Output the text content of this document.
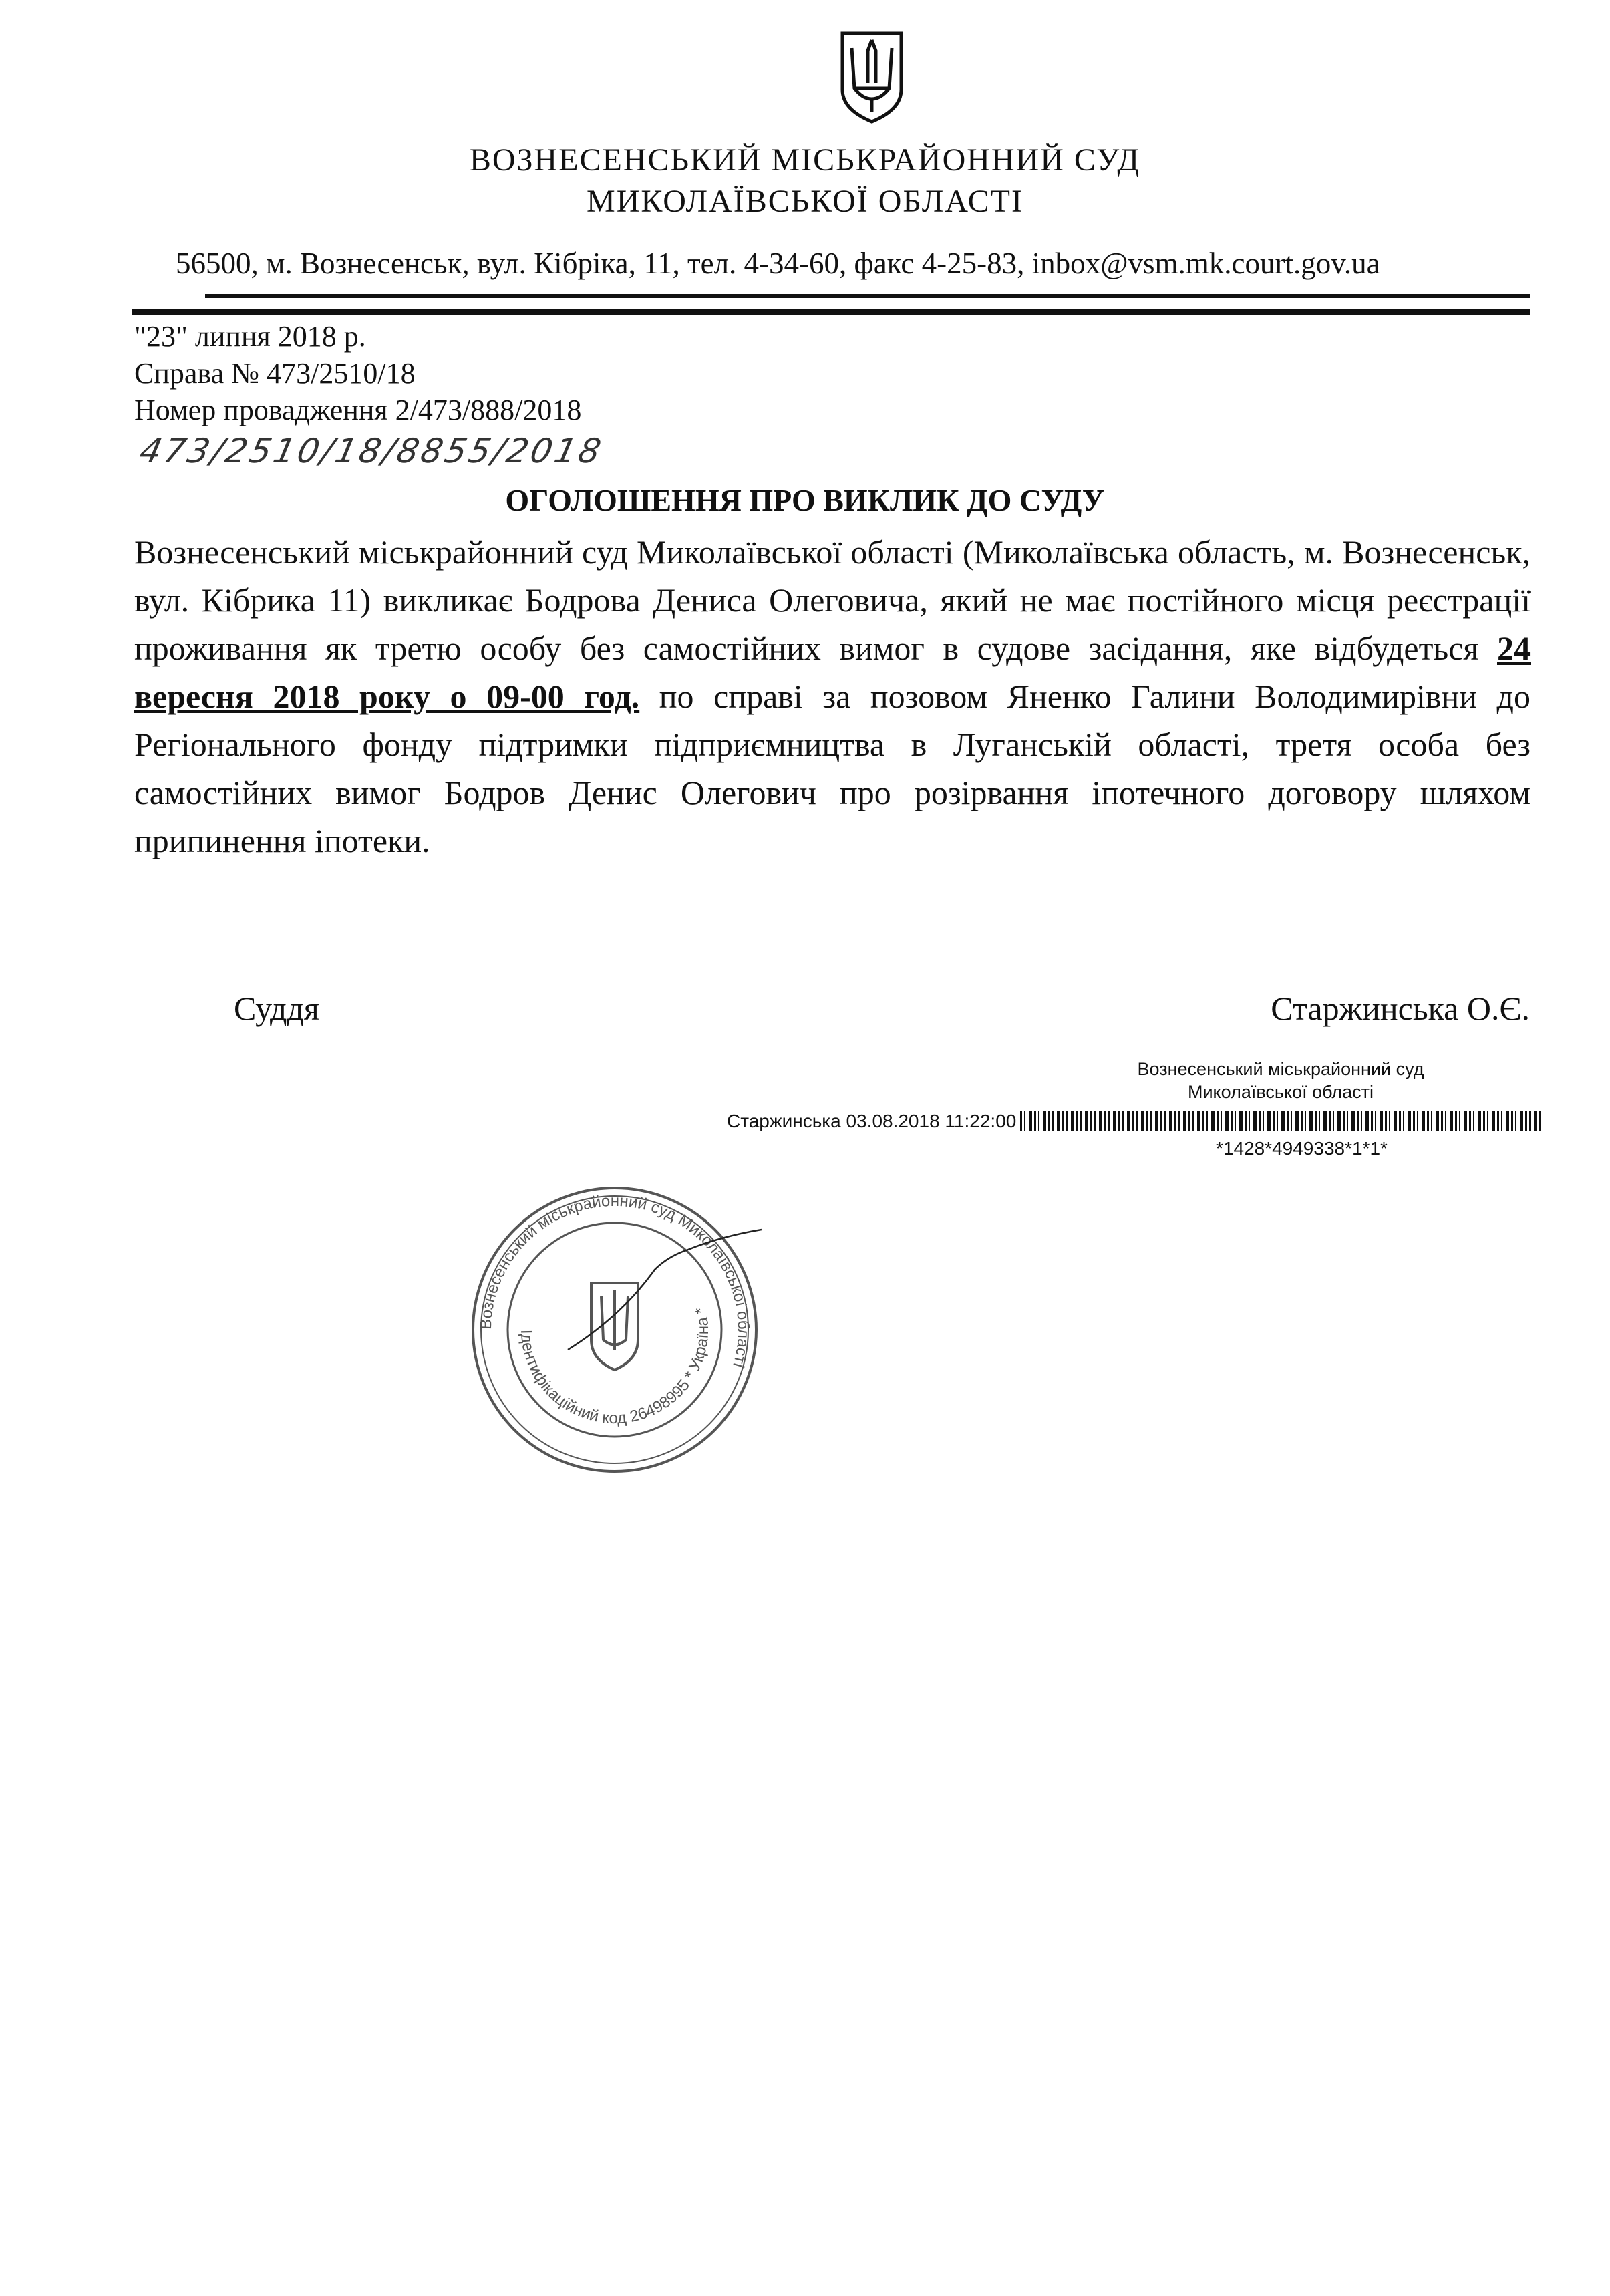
ВОЗНЕСЕНСЬКИЙ МІСЬКРАЙОННИЙ СУД
МИКОЛАЇВСЬКОЇ ОБЛАСТІ
56500, м. Вознесенськ, вул. Кібріка, 11, тел. 4-34-60, факс 4-25-83, inbox@vsm.mk.court.gov.ua
"23" липня 2018 р.
Справа № 473/2510/18
Номер провадження 2/473/888/2018
473/2510/18/8855/2018
ОГОЛОШЕННЯ ПРО ВИКЛИК ДО СУДУ
Вознесенський міськрайонний суд Миколаївської області (Миколаївська область, м. Вознесенськ, вул. Кібрика 11) викликає Бодрова Дениса Олеговича, який не має постійного місця реєстрації проживання як третю особу без самостійних вимог в судове засідання, яке відбудеться 24 вересня 2018 року о 09-00 год. по справі за позовом Яненко Галини Володимирівни до Регіонального фонду підтримки підприємництва в Луганській області, третя особа без самостійних вимог Бодров Денис Олегович про розірвання іпотечного договору шляхом припинення іпотеки.
Суддя	Старжинська О.Є.
Вознесенський міськрайонний суд
Миколаївської області
Старжинська 03.08.2018 11:22:00
*1428*4949338*1*1*
Вознесенський міськрайонний суд Миколаївської області
Ідентифікаційний код 26498995 * Україна *
